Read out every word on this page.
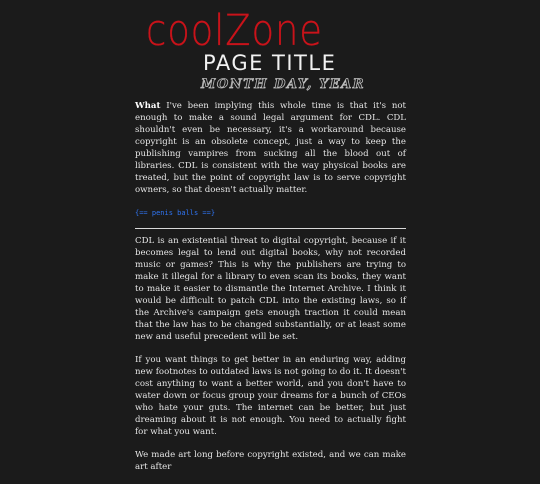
coolZone
PAGE TITLE
MONTH DAY, YEAR

What I've been implying this whole time is that it's not enough to make a sound legal argument for CDL. CDL shouldn't even be necessary, it's a workaround because copyright is an obsolete concept, just a way to keep the publishing vampires from sucking all the blood out of libraries. CDL is consistent with the way physical books are treated, but the point of copyright law is to serve copyright owners, so that doesn't actually matter.

{== penis balls ==}

CDL is an existential threat to digital copyright, because if it becomes legal to lend out digital books, why not recorded music or games? This is why the publishers are trying to make it illegal for a library to even scan its books, they want to make it easier to dismantle the Internet Archive. I think it would be difficult to patch CDL into the existing laws, so if the Archive's campaign gets enough traction it could mean that the law has to be changed substantially, or at least some new and useful precedent will be set.

If you want things to get better in an enduring way, adding new footnotes to outdated laws is not going to do it. It doesn't cost anything to want a better world, and you don't have to water down or focus group your dreams for a bunch of CEOs who hate your guts. The internet can be better, but just dreaming about it is not enough. You need to actually fight for what you want.

We made art long before copyright existed, and we can make art after
